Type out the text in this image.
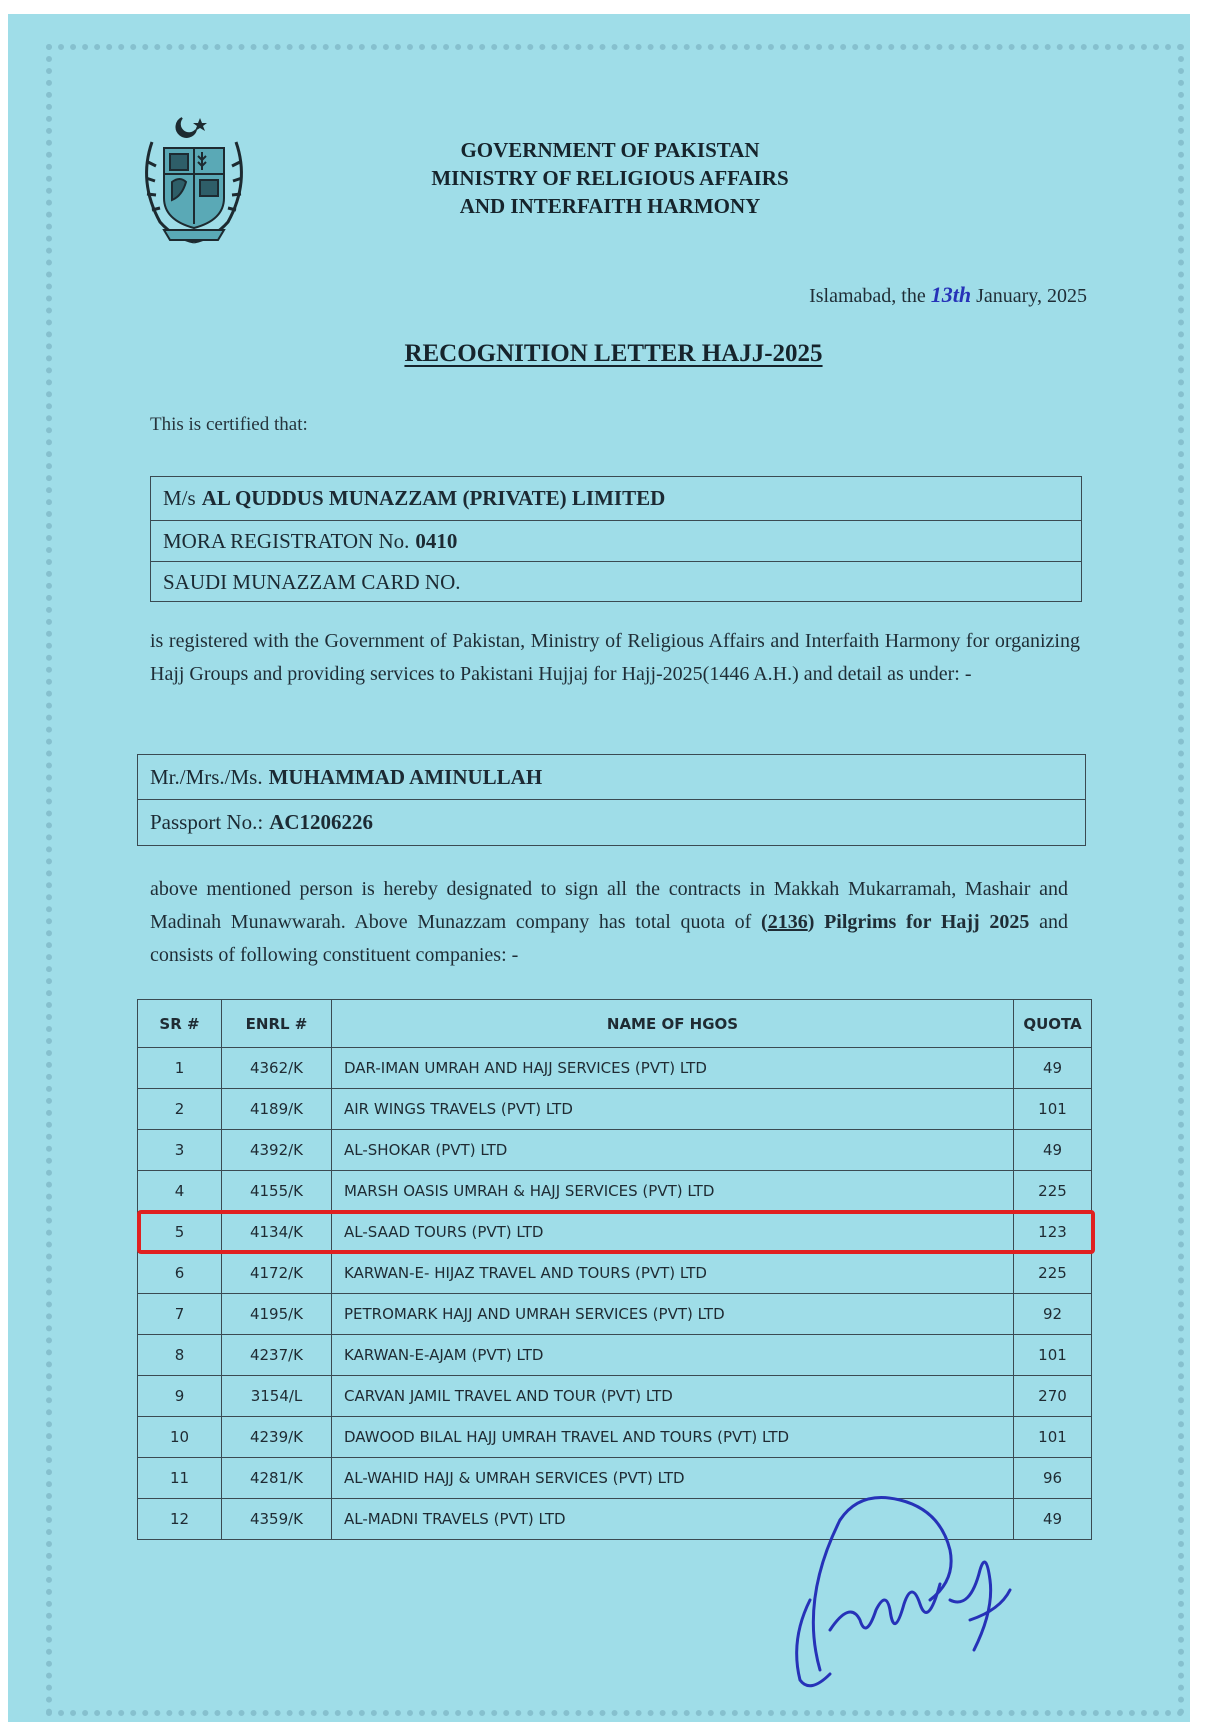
GOVERNMENT OF PAKISTAN
MINISTRY OF RELIGIOUS AFFAIRS
AND INTERFAITH HARMONY
Islamabad, the 13th January, 2025
RECOGNITION LETTER HAJJ-2025
This is certified that:
M/s AL QUDDUS MUNAZZAM (PRIVATE) LIMITED
MORA REGISTRATON No. 0410
SAUDI MUNAZZAM CARD NO.
is registered with the Government of Pakistan, Ministry of Religious Affairs and Interfaith Harmony for organizing Hajj Groups and providing services to Pakistani Hujjaj for Hajj-2025(1446 A.H.) and detail as under: -
Mr./Mrs./Ms. MUHAMMAD AMINULLAH
Passport No.: AC1206226
above mentioned person is hereby designated to sign all the contracts in Makkah Mukarramah, Mashair and Madinah Munawwarah. Above Munazzam company has total quota of (2136) Pilgrims for Hajj 2025 and consists of following constituent companies: -
SR #	ENRL #	NAME OF HGOS	QUOTA
1	4362/K	DAR-IMAN UMRAH AND HAJJ SERVICES (PVT) LTD	49
2	4189/K	AIR WINGS TRAVELS (PVT) LTD	101
3	4392/K	AL-SHOKAR (PVT) LTD	49
4	4155/K	MARSH OASIS UMRAH & HAJJ SERVICES (PVT) LTD	225
5	4134/K	AL-SAAD TOURS (PVT) LTD	123
6	4172/K	KARWAN-E- HIJAZ TRAVEL AND TOURS (PVT) LTD	225
7	4195/K	PETROMARK HAJJ AND UMRAH SERVICES (PVT) LTD	92
8	4237/K	KARWAN-E-AJAM (PVT) LTD	101
9	3154/L	CARVAN JAMIL TRAVEL AND TOUR (PVT) LTD	270
10	4239/K	DAWOOD BILAL HAJJ UMRAH TRAVEL AND TOURS (PVT) LTD	101
11	4281/K	AL-WAHID HAJJ & UMRAH SERVICES (PVT) LTD	96
12	4359/K	AL-MADNI TRAVELS (PVT) LTD	49
